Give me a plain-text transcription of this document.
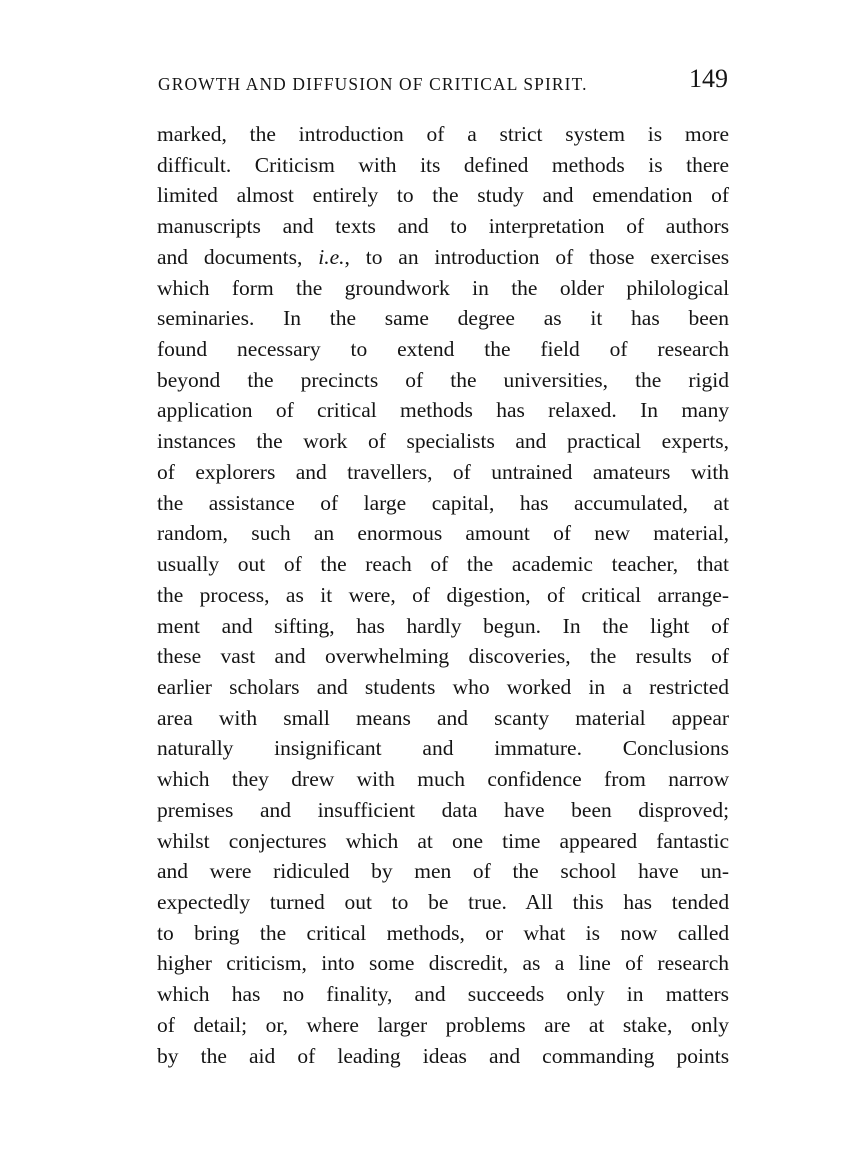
GROWTH AND DIFFUSION OF CRITICAL SPIRIT.	149
marked, the introduction of a strict system is more
difficult. Criticism with its defined methods is there
limited almost entirely to the study and emendation of
manuscripts and texts and to interpretation of authors
and documents, i.e., to an introduction of those exercises
which form the groundwork in the older philological
seminaries. In the same degree as it has been
found necessary to extend the field of research
beyond the precincts of the universities, the rigid
application of critical methods has relaxed. In many
instances the work of specialists and practical experts,
of explorers and travellers, of untrained amateurs with
the assistance of large capital, has accumulated, at
random, such an enormous amount of new material,
usually out of the reach of the academic teacher, that
the process, as it were, of digestion, of critical arrange-
ment and sifting, has hardly begun. In the light of
these vast and overwhelming discoveries, the results of
earlier scholars and students who worked in a restricted
area with small means and scanty material appear
naturally insignificant and immature. Conclusions
which they drew with much confidence from narrow
premises and insufficient data have been disproved;
whilst conjectures which at one time appeared fantastic
and were ridiculed by men of the school have un-
expectedly turned out to be true. All this has tended
to bring the critical methods, or what is now called
higher criticism, into some discredit, as a line of research
which has no finality, and succeeds only in matters
of detail; or, where larger problems are at stake, only
by the aid of leading ideas and commanding points
